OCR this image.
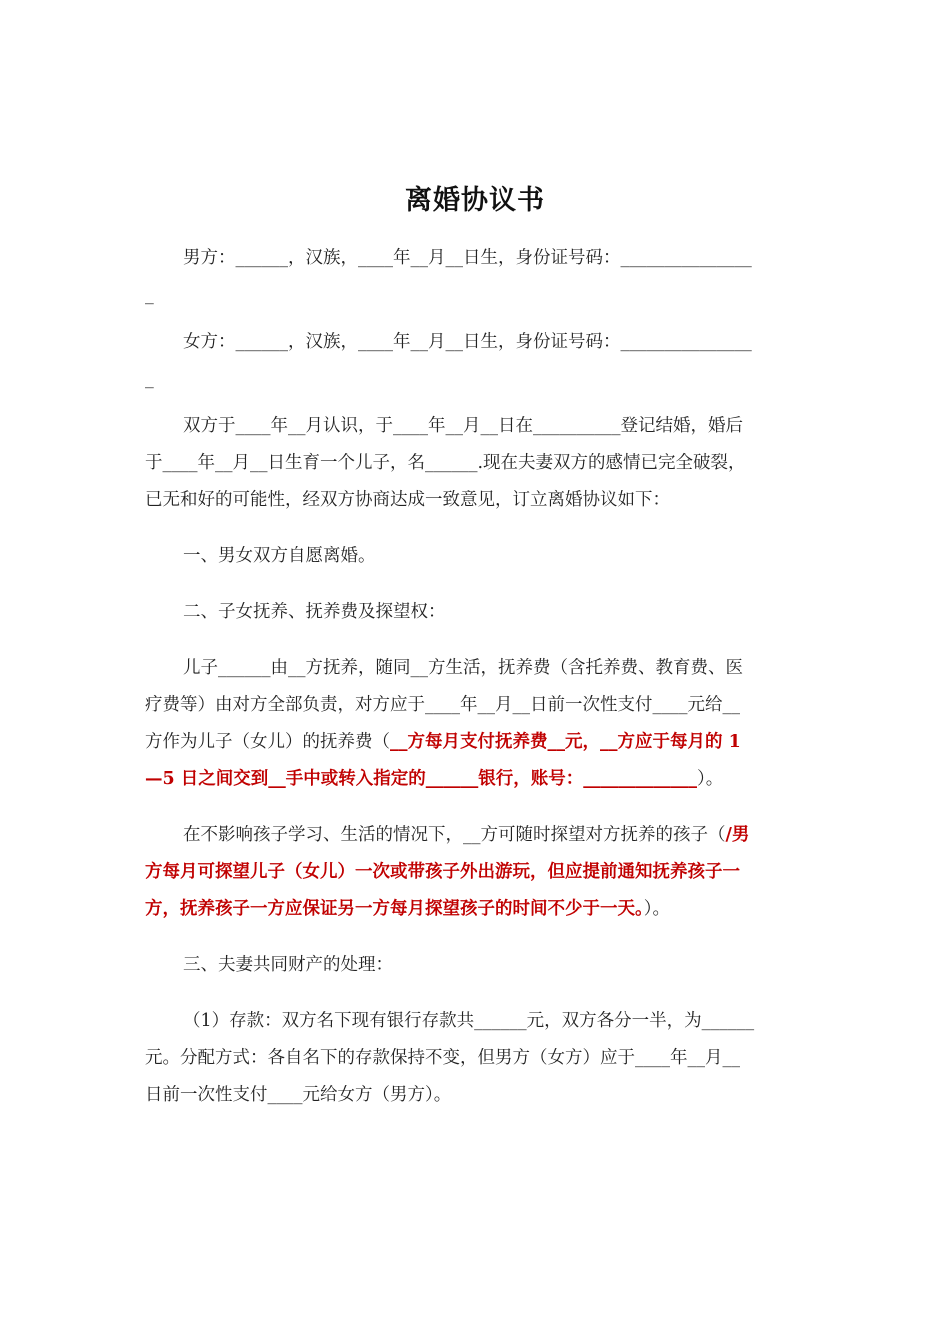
离婚协议书
男方：______，汉族，____年__月__日生，身份证号码：_______________
_
女方：______，汉族，____年__月__日生，身份证号码：_______________
_
双方于____年__月认识，于____年__月__日在__________登记结婚，婚后
于____年__月__日生育一个儿子，名______.现在夫妻双方的感情已完全破裂，
已无和好的可能性，经双方协商达成一致意见，订立离婚协议如下：
一、男女双方自愿离婚。
二、子女抚养、抚养费及探望权：
儿子______由__方抚养，随同__方生活，抚养费（含托养费、教育费、医
疗费等）由对方全部负责，对方应于____年__月__日前一次性支付____元给__
方作为儿子（女儿）的抚养费（__方每月支付抚养费__元，__方应于每月的 1
—5 日之间交到__手中或转入指定的______银行，账号：_____________）。
在不影响孩子学习、生活的情况下，__方可随时探望对方抚养的孩子（/男
方每月可探望儿子（女儿）一次或带孩子外出游玩，但应提前通知抚养孩子一
方，抚养孩子一方应保证另一方每月探望孩子的时间不少于一天。）。
三、夫妻共同财产的处理：
（1）存款：双方名下现有银行存款共______元，双方各分一半，为______
元。分配方式：各自名下的存款保持不变，但男方（女方）应于____年__月__
日前一次性支付____元给女方（男方）。
